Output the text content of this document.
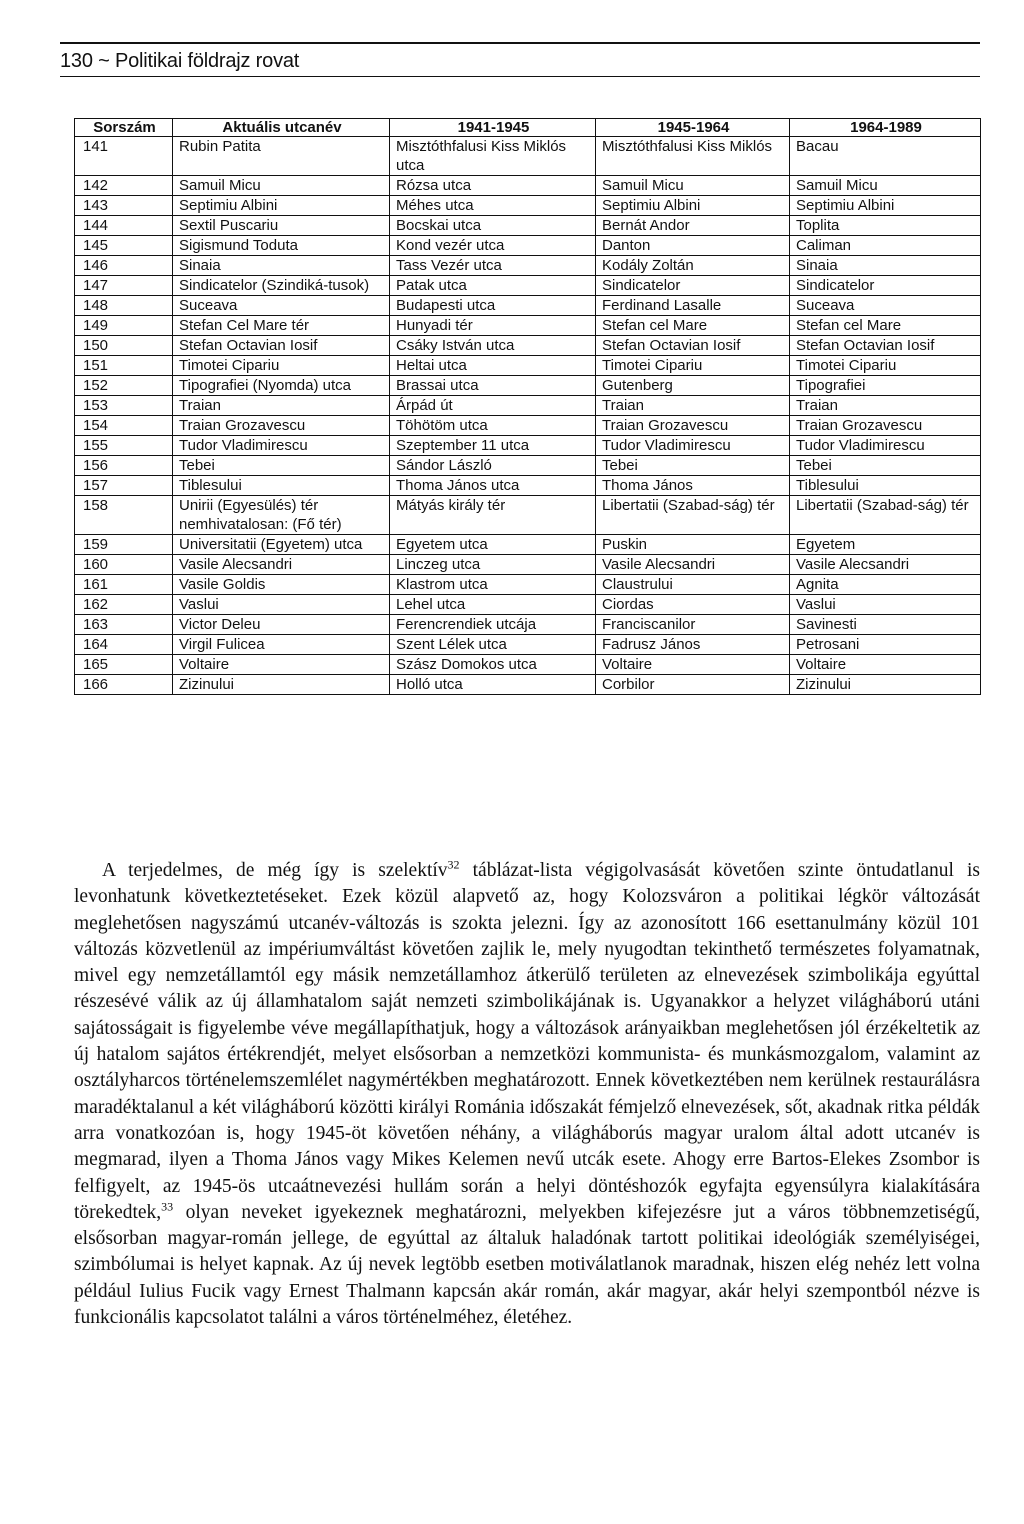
130 ~ Politikai földrajz rovat
Sorszám	Aktuális utcanév	1941-1945	1945-1964	1964-1989
141	Rubin Patita	Misztóthfalusi Kiss Miklós utca	Misztóthfalusi Kiss Miklós	Bacau
142	Samuil Micu	Rózsa utca	Samuil Micu	Samuil Micu
143	Septimiu Albini	Méhes utca	Septimiu Albini	Septimiu Albini
144	Sextil Puscariu	Bocskai utca	Bernát Andor	Toplita
145	Sigismund Toduta	Kond vezér utca	Danton	Caliman
146	Sinaia	Tass Vezér utca	Kodály Zoltán	Sinaia
147	Sindicatelor (Szindiká-tusok)	Patak utca	Sindicatelor	Sindicatelor
148	Suceava	Budapesti utca	Ferdinand Lasalle	Suceava
149	Stefan Cel Mare tér	Hunyadi tér	Stefan cel Mare	Stefan cel Mare
150	Stefan Octavian Iosif	Csáky István utca	Stefan Octavian Iosif	Stefan Octavian Iosif
151	Timotei Cipariu	Heltai utca	Timotei Cipariu	Timotei Cipariu
152	Tipografiei (Nyomda) utca	Brassai utca	Gutenberg	Tipografiei
153	Traian	Árpád út	Traian	Traian
154	Traian Grozavescu	Töhötöm utca	Traian Grozavescu	Traian Grozavescu
155	Tudor Vladimirescu	Szeptember 11 utca	Tudor Vladimirescu	Tudor Vladimirescu
156	Tebei	Sándor László	Tebei	Tebei
157	Tiblesului	Thoma János utca	Thoma János	Tiblesului
158	Unirii (Egyesülés) tér nemhivatalosan: (Fő tér)	Mátyás király tér	Libertatii (Szabad-ság) tér	Libertatii (Szabad-ság) tér
159	Universitatii (Egyetem) utca	Egyetem utca	Puskin	Egyetem
160	Vasile Alecsandri	Linczeg utca	Vasile Alecsandri	Vasile Alecsandri
161	Vasile Goldis	Klastrom utca	Claustrului	Agnita
162	Vaslui	Lehel utca	Ciordas	Vaslui
163	Victor Deleu	Ferencrendiek utcája	Franciscanilor	Savinesti
164	Virgil Fulicea	Szent Lélek utca	Fadrusz János	Petrosani
165	Voltaire	Szász Domokos utca	Voltaire	Voltaire
166	Zizinului	Holló utca	Corbilor	Zizinului

A terjedelmes, de még így is szelektív$^{32}$ táblázat-lista végigolvasását követően szinte öntudatlanul is levonhatunk következtetéseket. Ezek közül alapvető az, hogy Kolozsváron a politikai légkör változását meglehetősen nagyszámú utcanév-változás is szokta jelezni. Így az azonosított 166 esettanulmány közül 101 változás közvetlenül az impériumváltást követően zajlik le, mely nyugodtan tekinthető természetes folyamatnak, mivel egy nemzetállamtól egy másik nemzetállamhoz átkerülő területen az elnevezések szimbolikája egyúttal részesévé válik az új államhatalom saját nemzeti szimbolikájának is. Ugyanakkor a helyzet világháború utáni sajátosságait is figyelembe véve megállapíthatjuk, hogy a változások arányaikban meglehetősen jól érzékeltetik az új hatalom sajátos értékrendjét, melyet elsősorban a nemzetközi kommunista- és munkásmozgalom, valamint az osztályharcos történelemszemlélet nagymértékben meghatározott. Ennek következtében nem kerülnek restaurálásra maradéktalanul a két világháború közötti királyi Románia időszakát fémjelző elnevezések, sőt, akadnak ritka példák arra vonatkozóan is, hogy 1945-öt követően néhány, a világháborús magyar uralom által adott utcanév is megmarad, ilyen a Thoma János vagy Mikes Kelemen nevű utcák esete. Ahogy erre Bartos-Elekes Zsombor is felfigyelt, az 1945-ös utcaátnevezési hullám során a helyi döntéshozók egyfajta egyensúlyra kialakítására törekedtek,$^{33}$ olyan neveket igyekeznek meghatározni, melyekben kifejezésre jut a város többnemzetiségű, elsősorban magyar-román jellege, de egyúttal az általuk haladónak tartott politikai ideológiák személyiségei, szimbólumai is helyet kapnak. Az új nevek legtöbb esetben motiválatlanok maradnak, hiszen elég nehéz lett volna például Iulius Fucik vagy Ernest Thalmann kapcsán akár román, akár magyar, akár helyi szempontból nézve is funkcionális kapcsolatot találni a város történelméhez, életéhez.
